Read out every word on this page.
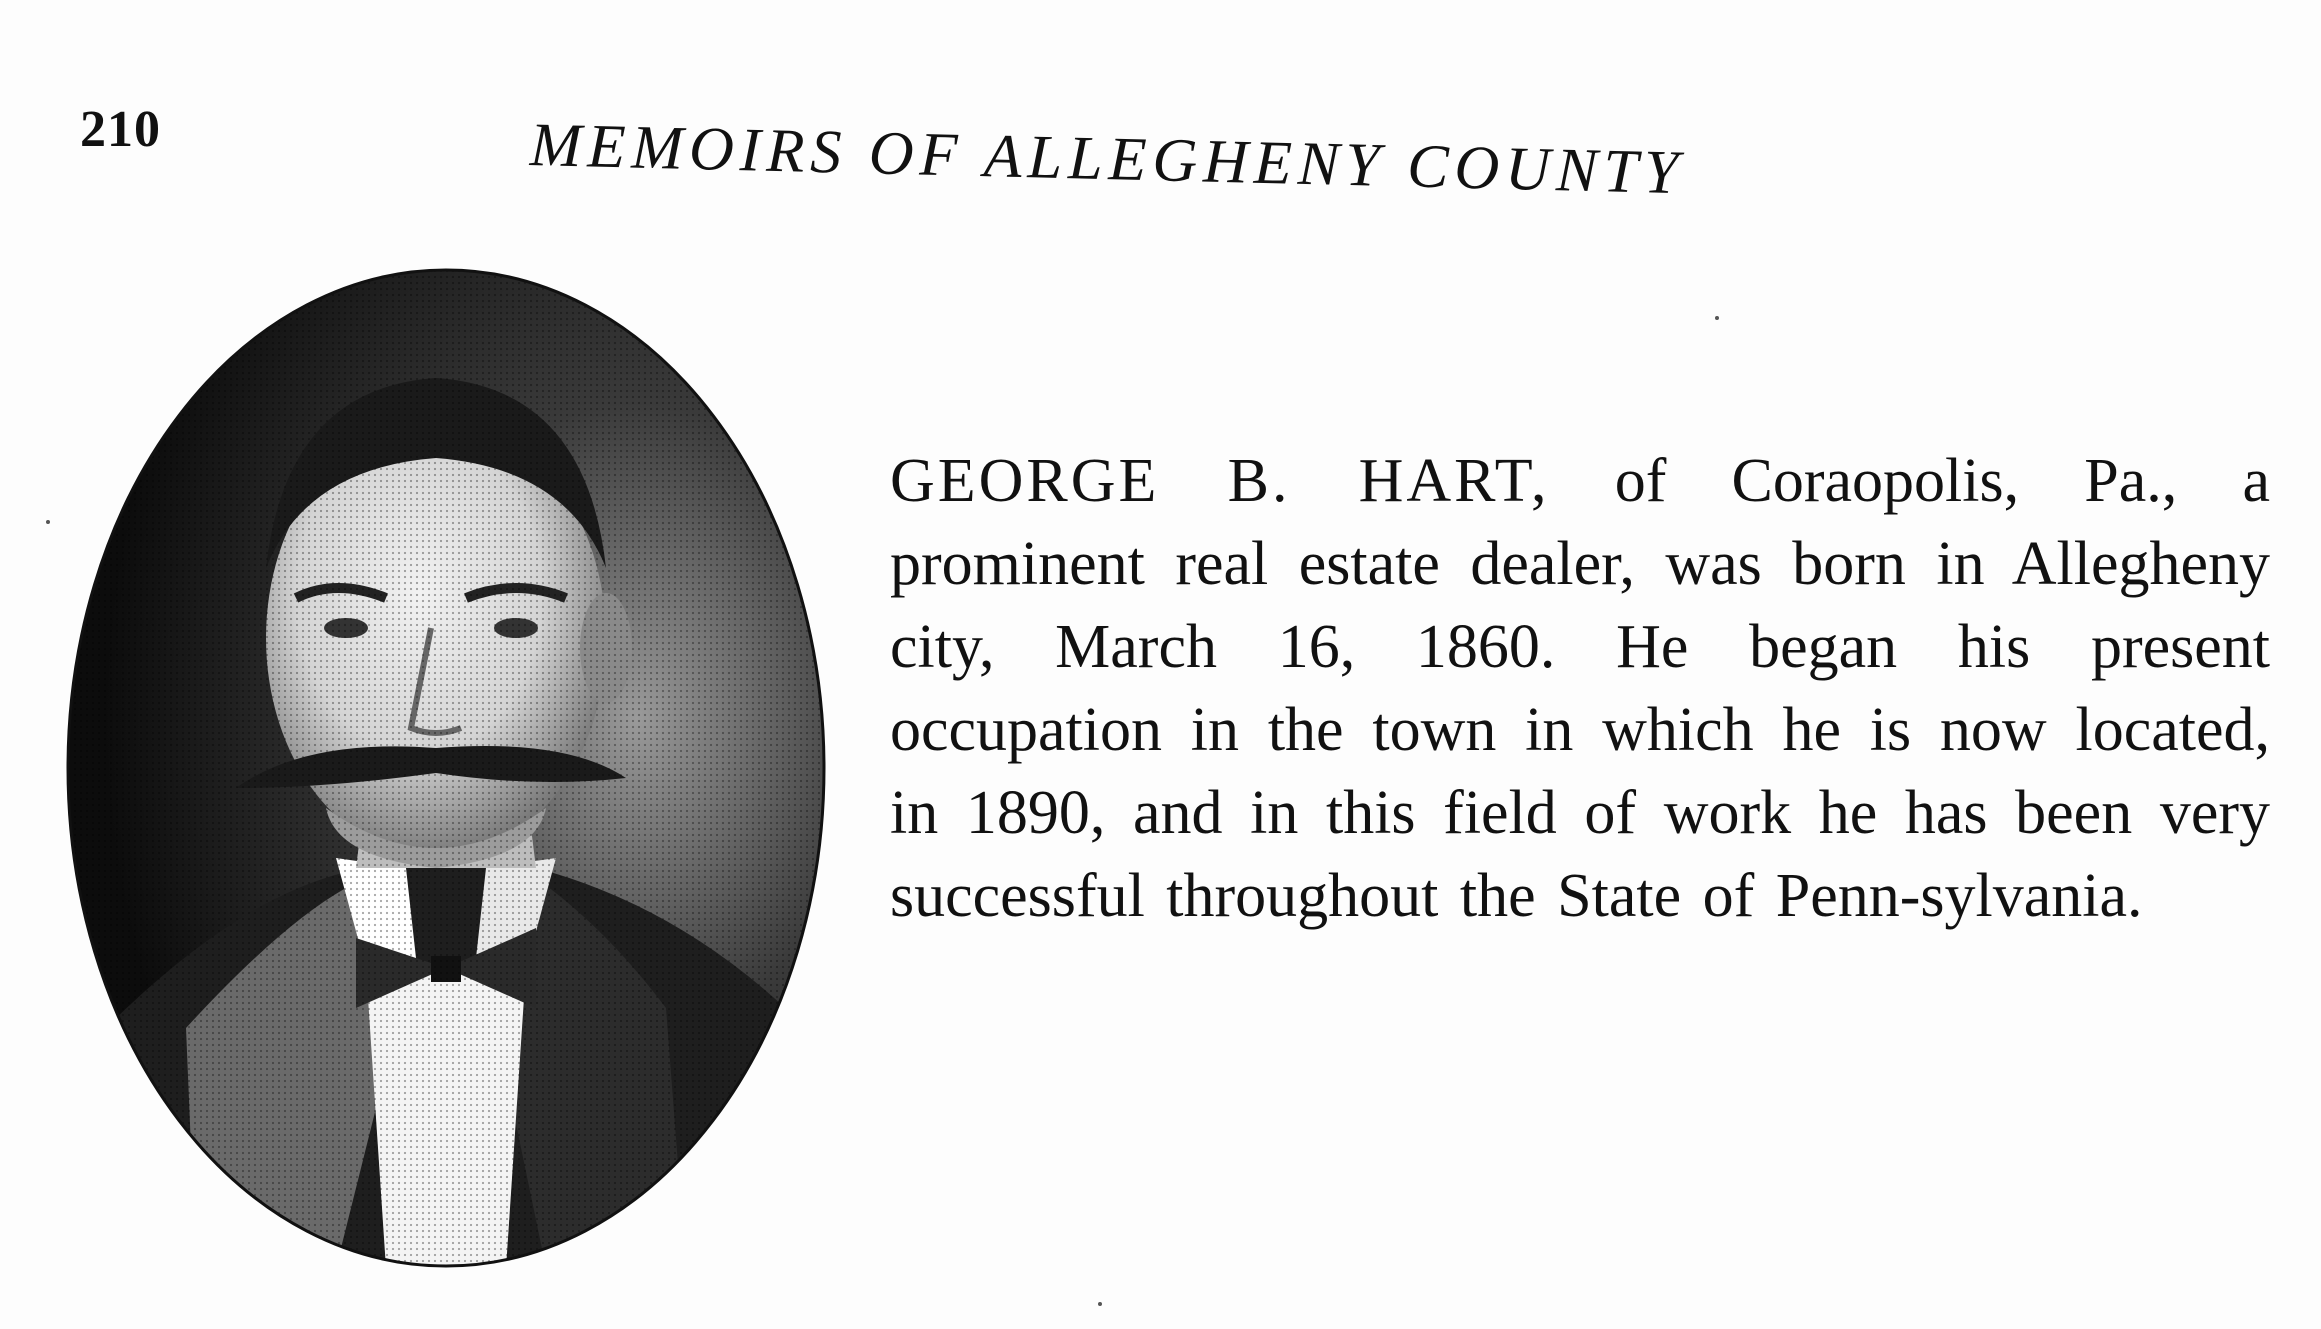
210	MEMOIRS OF ALLEGHENY COUNTY
GEORGE B. HART, of Coraopolis, Pa., a prominent real estate dealer, was born in Allegheny city, March 16, 1860. He began his present occupation in the town in which he is now located, in 1890, and in this field of work he has been very successful throughout the State of Penn-sylvania.
